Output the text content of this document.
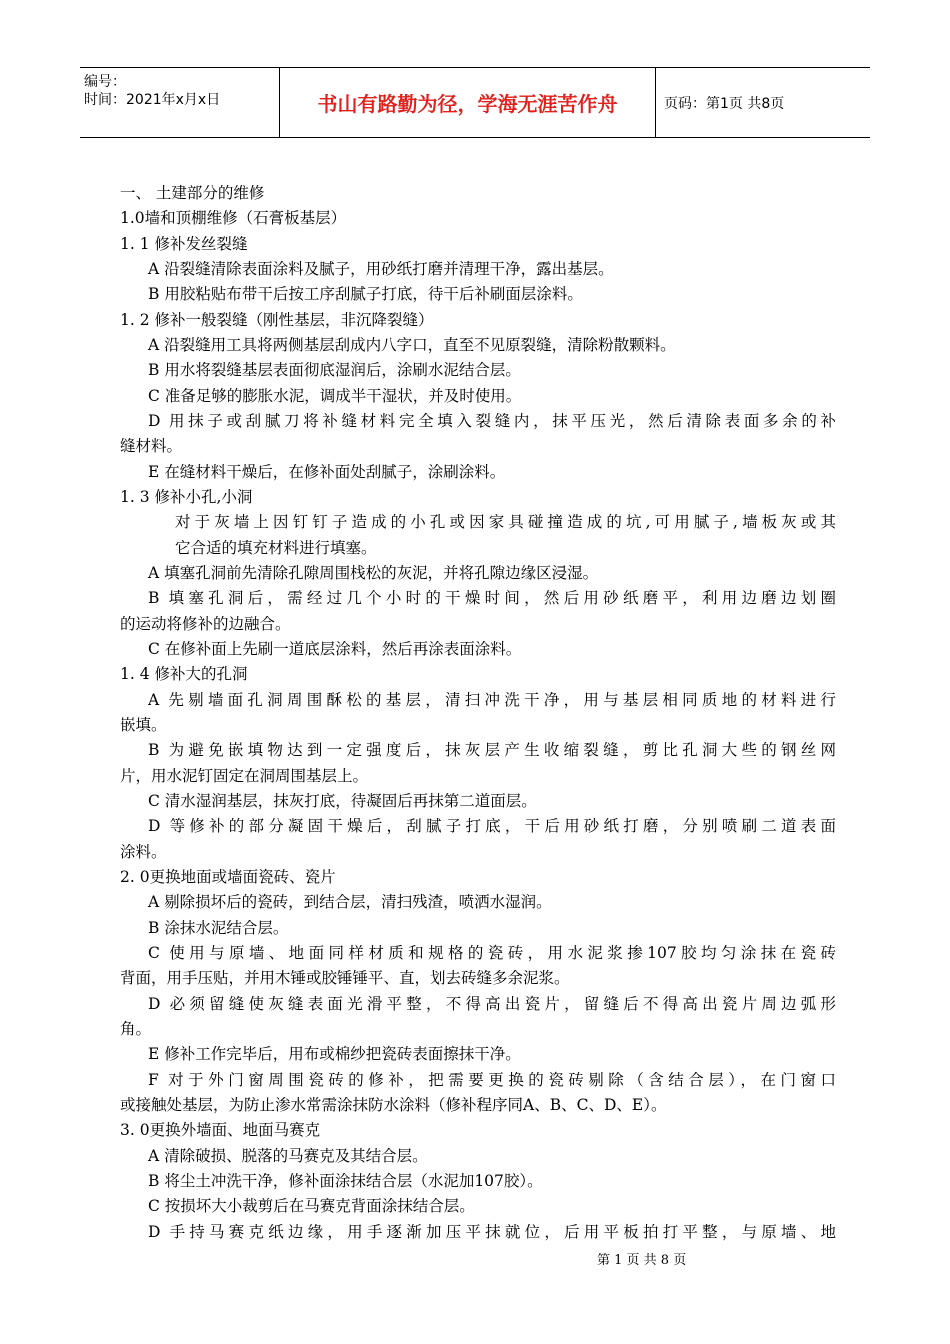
编号：
时间：2021年x月x日	书山有路勤为径，学海无涯苦作舟	页码：第1页 共8页
一、 土建部分的维修
1.0墙和顶棚维修（石膏板基层）
1. 1 修补发丝裂缝
A 沿裂缝清除表面涂料及腻子，用砂纸打磨并清理干净，露出基层。
B 用胶粘贴布带干后按工序刮腻子打底，待干后补刷面层涂料。
1. 2 修补一般裂缝（刚性基层，非沉降裂缝）
A 沿裂缝用工具将两侧基层刮成内八字口，直至不见原裂缝，清除粉散颗料。
B 用水将裂缝基层表面彻底湿润后，涂刷水泥结合层。
C 准备足够的膨胀水泥，调成半干湿状，并及时使用。
D 用抹子或刮腻刀将补缝材料完全填入裂缝内，抹平压光，然后清除表面多余的补
缝材料。
E 在缝材料干燥后，在修补面处刮腻子，涂刷涂料。
1. 3 修补小孔,小洞
对于灰墙上因钉钉子造成的小孔或因家具碰撞造成的坑,可用腻子,墙板灰或其
它合适的填充材料进行填塞。
A 填塞孔洞前先清除孔隙周围栈松的灰泥，并将孔隙边缘区浸湿。
B 填塞孔洞后，需经过几个小时的干燥时间，然后用砂纸磨平，利用边磨边划圈
的运动将修补的边融合。
C 在修补面上先刷一道底层涂料，然后再涂表面涂料。
1. 4 修补大的孔洞
A 先剔墙面孔洞周围酥松的基层，清扫冲洗干净，用与基层相同质地的材料进行
嵌填。
B 为避免嵌填物达到一定强度后，抹灰层产生收缩裂缝，剪比孔洞大些的钢丝网
片，用水泥钉固定在洞周围基层上。
C 清水湿润基层，抹灰打底，待凝固后再抹第二道面层。
D 等修补的部分凝固干燥后，刮腻子打底，干后用砂纸打磨，分别喷刷二道表面
涂料。
2. 0更换地面或墙面瓷砖、瓷片
A 剔除损坏后的瓷砖，到结合层，清扫残渣，喷洒水湿润。
B 涂抹水泥结合层。
C 使用与原墙、地面同样材质和规格的瓷砖，用水泥浆掺107胶均匀涂抹在瓷砖
背面，用手压贴，并用木锤或胶锤锤平、直，划去砖缝多余泥浆。
D 必须留缝使灰缝表面光滑平整，不得高出瓷片，留缝后不得高出瓷片周边弧形
角。
E 修补工作完毕后，用布或棉纱把瓷砖表面擦抹干净。
F 对于外门窗周围瓷砖的修补，把需要更换的瓷砖剔除（含结合层），在门窗口
或接触处基层，为防止渗水常需涂抹防水涂料（修补程序同A、B、C、D、E）。
3. 0更换外墙面、地面马赛克
A 清除破损、脱落的马赛克及其结合层。
B 将尘土冲洗干净，修补面涂抹结合层（水泥加107胶）。
C 按损坏大小裁剪后在马赛克背面涂抹结合层。
D 手持马赛克纸边缘，用手逐渐加压平抹就位，后用平板拍打平整，与原墙、地
第 1 页 共 8 页
